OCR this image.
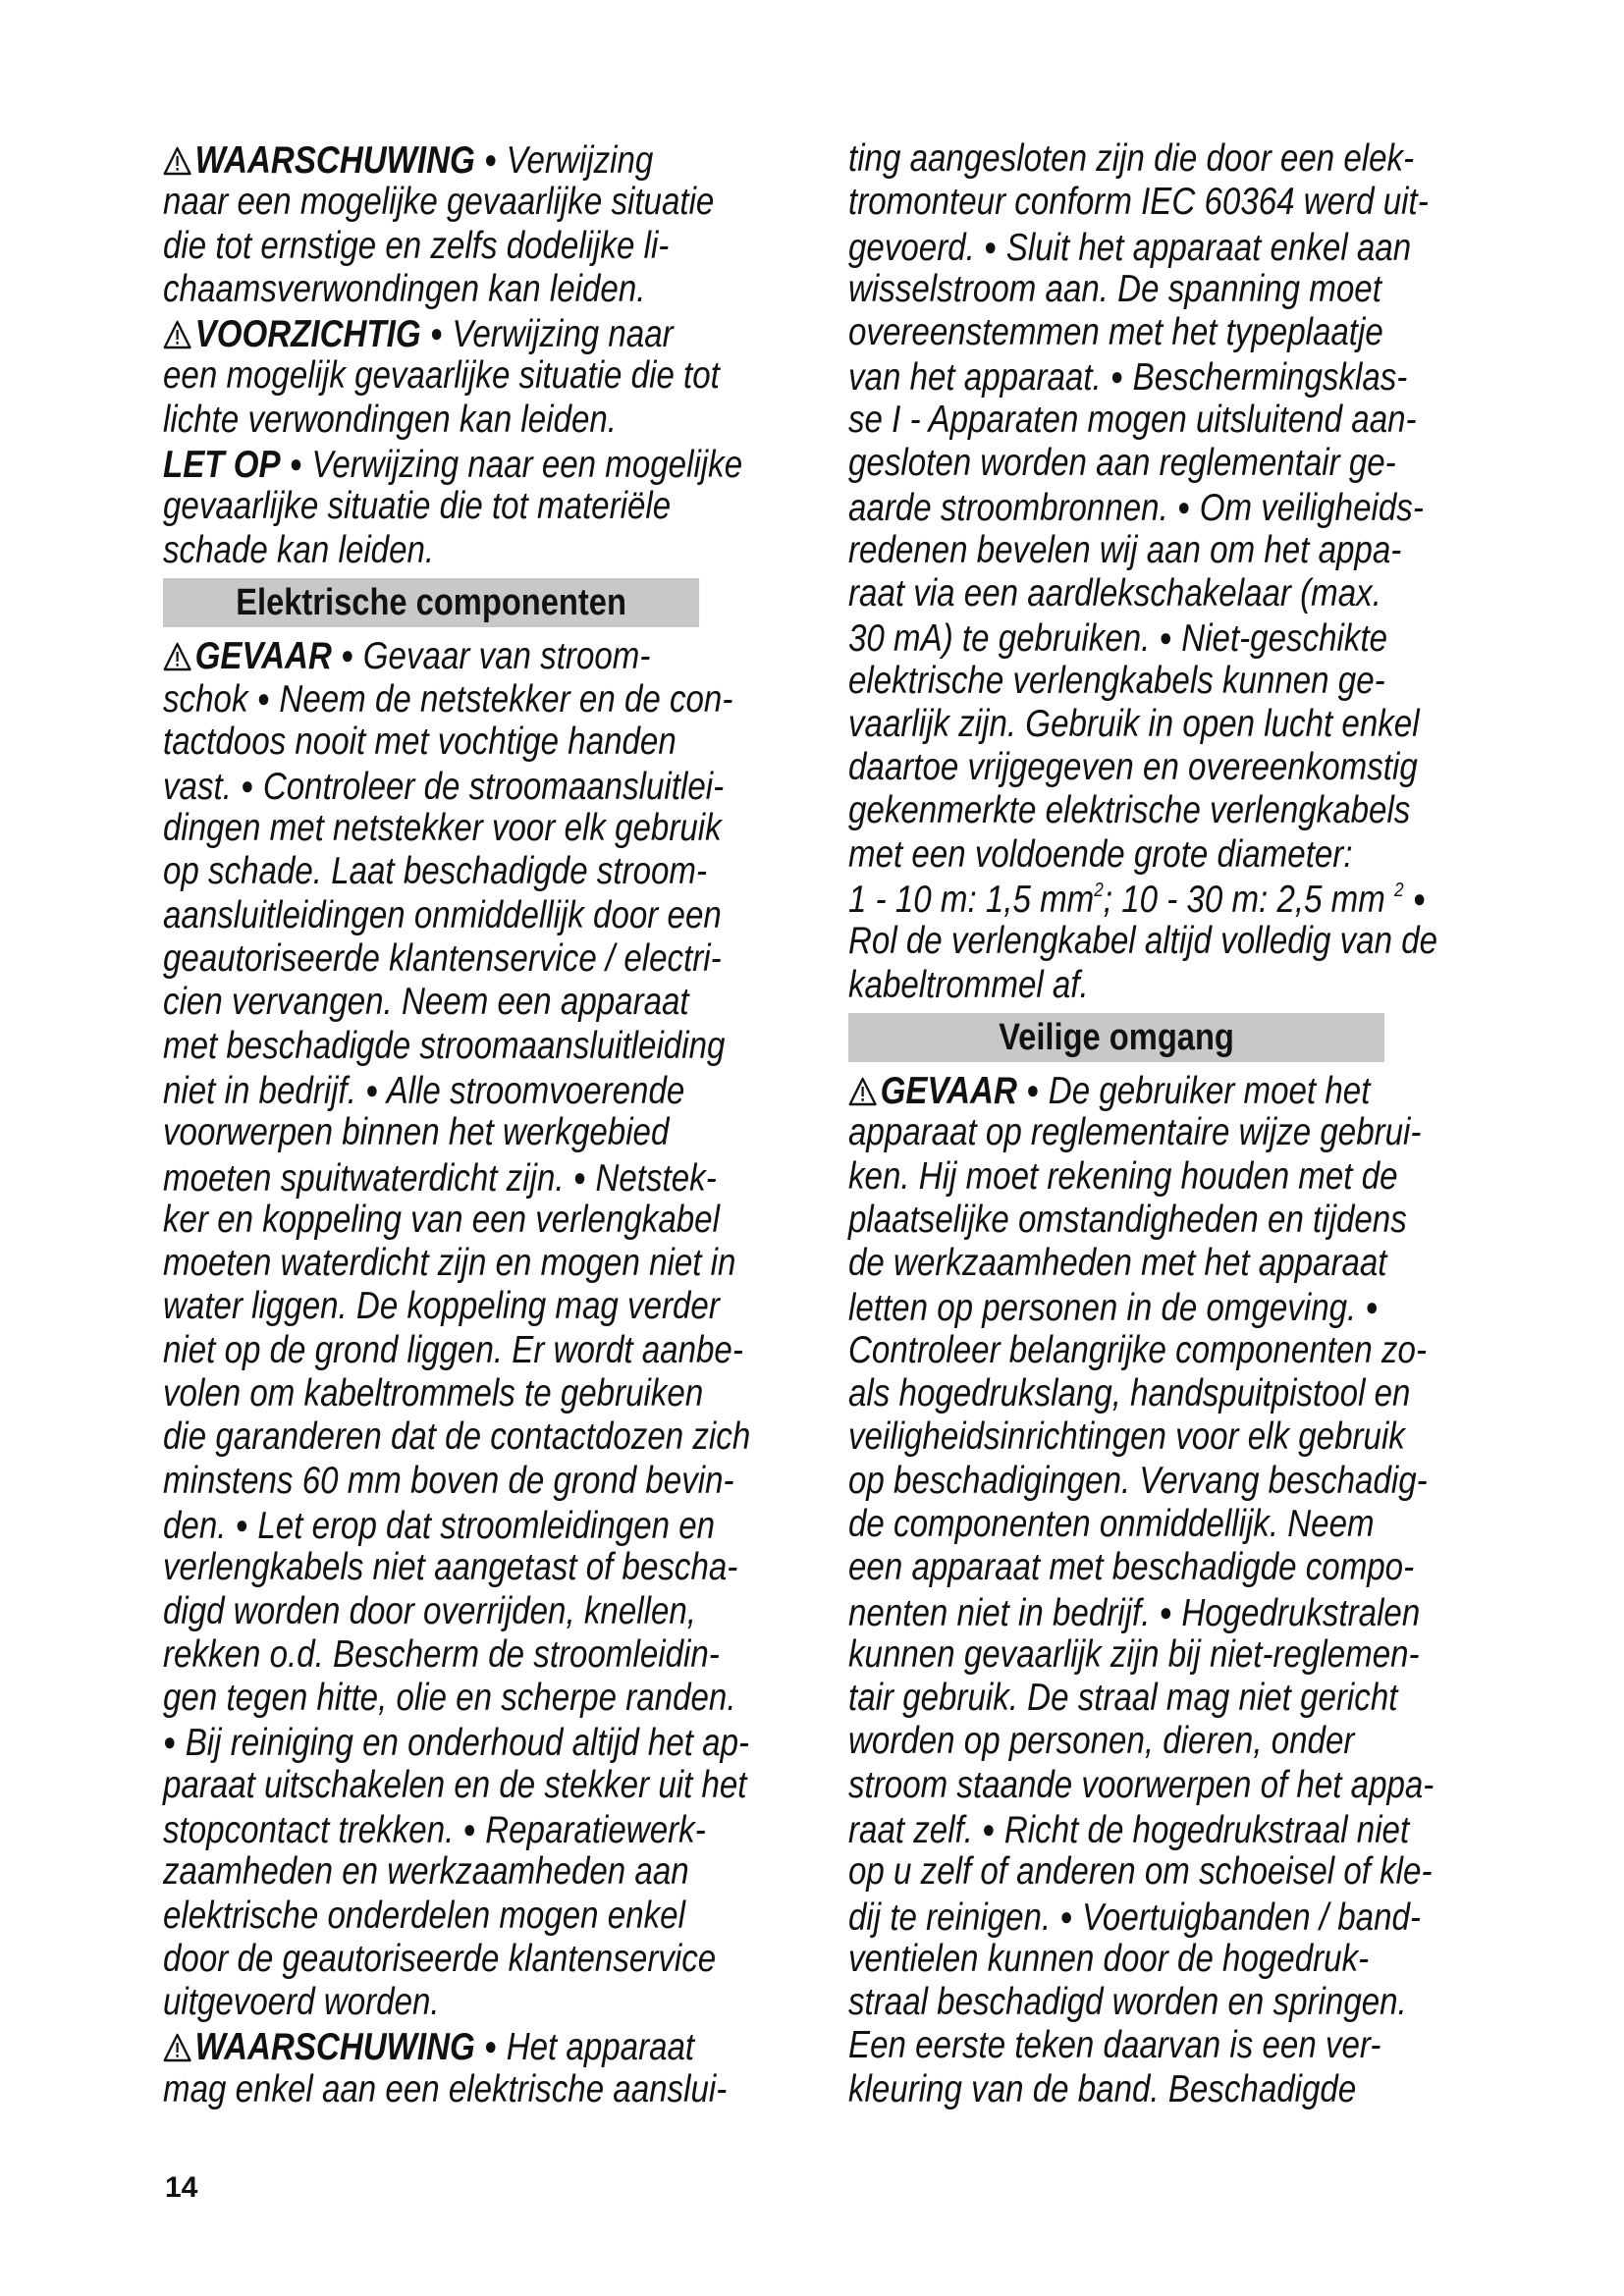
WAARSCHUWING ● Verwijzing
naar een mogelijke gevaarlijke situatie
die tot ernstige en zelfs dodelijke li-
chaamsverwondingen kan leiden.
VOORZICHTIG ● Verwijzing naar
een mogelijk gevaarlijke situatie die tot
lichte verwondingen kan leiden.
LET OP ● Verwijzing naar een mogelijke
gevaarlijke situatie die tot materiële
schade kan leiden.
Elektrische componenten
GEVAAR ● Gevaar van stroom-
schok ● Neem de netstekker en de con-
tactdoos nooit met vochtige handen
vast. ● Controleer de stroomaansluitlei-
dingen met netstekker voor elk gebruik
op schade. Laat beschadigde stroom-
aansluitleidingen onmiddellijk door een
geautoriseerde klantenservice / electri-
cien vervangen. Neem een apparaat
met beschadigde stroomaansluitleiding
niet in bedrijf. ● Alle stroomvoerende
voorwerpen binnen het werkgebied
moeten spuitwaterdicht zijn. ● Netstek-
ker en koppeling van een verlengkabel
moeten waterdicht zijn en mogen niet in
water liggen. De koppeling mag verder
niet op de grond liggen. Er wordt aanbe-
volen om kabeltrommels te gebruiken
die garanderen dat de contactdozen zich
minstens 60 mm boven de grond bevin-
den. ● Let erop dat stroomleidingen en
verlengkabels niet aangetast of bescha-
digd worden door overrijden, knellen,
rekken o.d. Bescherm de stroomleidin-
gen tegen hitte, olie en scherpe randen.
● Bij reiniging en onderhoud altijd het ap-
paraat uitschakelen en de stekker uit het
stopcontact trekken. ● Reparatiewerk-
zaamheden en werkzaamheden aan
elektrische onderdelen mogen enkel
door de geautoriseerde klantenservice
uitgevoerd worden.
WAARSCHUWING ● Het apparaat
mag enkel aan een elektrische aanslui-
ting aangesloten zijn die door een elek-
tromonteur conform IEC 60364 werd uit-
gevoerd. ● Sluit het apparaat enkel aan
wisselstroom aan. De spanning moet
overeenstemmen met het typeplaatje
van het apparaat. ● Beschermingsklas-
se I - Apparaten mogen uitsluitend aan-
gesloten worden aan reglementair ge-
aarde stroombronnen. ● Om veiligheids-
redenen bevelen wij aan om het appa-
raat via een aardlekschakelaar (max.
30 mA) te gebruiken. ● Niet-geschikte
elektrische verlengkabels kunnen ge-
vaarlijk zijn. Gebruik in open lucht enkel
daartoe vrijgegeven en overeenkomstig
gekenmerkte elektrische verlengkabels
met een voldoende grote diameter:
1 - 10 m: 1,5 $mm^2$; 10 - 30 m: 2,5 mm $^2$ ●
Rol de verlengkabel altijd volledig van de
kabeltrommel af.
Veilige omgang
GEVAAR ● De gebruiker moet het
apparaat op reglementaire wijze gebrui-
ken. Hij moet rekening houden met de
plaatselijke omstandigheden en tijdens
de werkzaamheden met het apparaat
letten op personen in de omgeving. ●
Controleer belangrijke componenten zo-
als hogedrukslang, handspuitpistool en
veiligheidsinrichtingen voor elk gebruik
op beschadigingen. Vervang beschadig-
de componenten onmiddellijk. Neem
een apparaat met beschadigde compo-
nenten niet in bedrijf. ● Hogedrukstralen
kunnen gevaarlijk zijn bij niet-reglemen-
tair gebruik. De straal mag niet gericht
worden op personen, dieren, onder
stroom staande voorwerpen of het appa-
raat zelf. ● Richt de hogedrukstraal niet
op u zelf of anderen om schoeisel of kle-
dij te reinigen. ● Voertuigbanden / band-
ventielen kunnen door de hogedruk-
straal beschadigd worden en springen.
Een eerste teken daarvan is een ver-
kleuring van de band. Beschadigde
14
